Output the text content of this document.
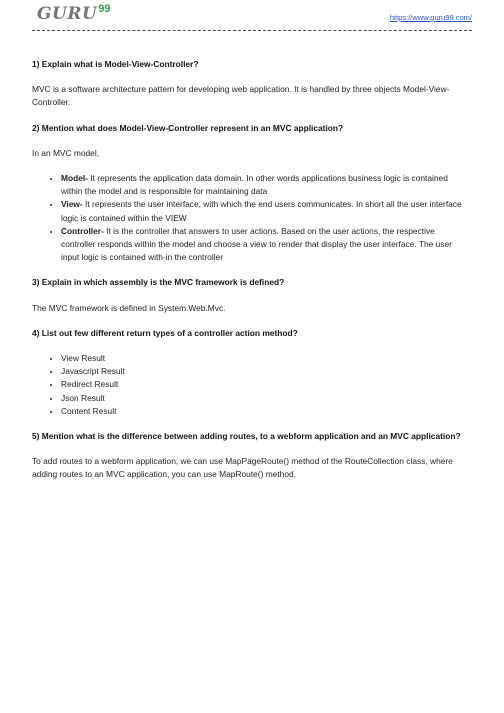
GURU 99
https://www.guru99.com/
1) Explain what is Model-View-Controller?
MVC is a software architecture pattern for developing web application. It is handled by three objects Model-View-Controller.
2) Mention what does Model-View-Controller represent in an MVC application?
In an MVC model,
• Model- It represents the application data domain. In other words applications business logic is contained within the model and is responsible for maintaining data
• View- It represents the user interface, with which the end users communicates. In short all the user interface logic is contained within the VIEW
• Controller- It is the controller that answers to user actions. Based on the user actions, the respective controller responds within the model and choose a view to render that display the user interface. The user input logic is contained with-in the controller
3) Explain in which assembly is the MVC framework is defined?
The MVC framework is defined in System.Web.Mvc.
4) List out few different return types of a controller action method?
• View Result
• Javascript Result
• Redirect Result
• Json Result
• Content Result
5) Mention what is the difference between adding routes, to a webform application and an MVC application?
To add routes to a webform application, we can use MapPageRoute() method of the RouteCollection class, where adding routes to an MVC application, you can use MapRoute() method.
